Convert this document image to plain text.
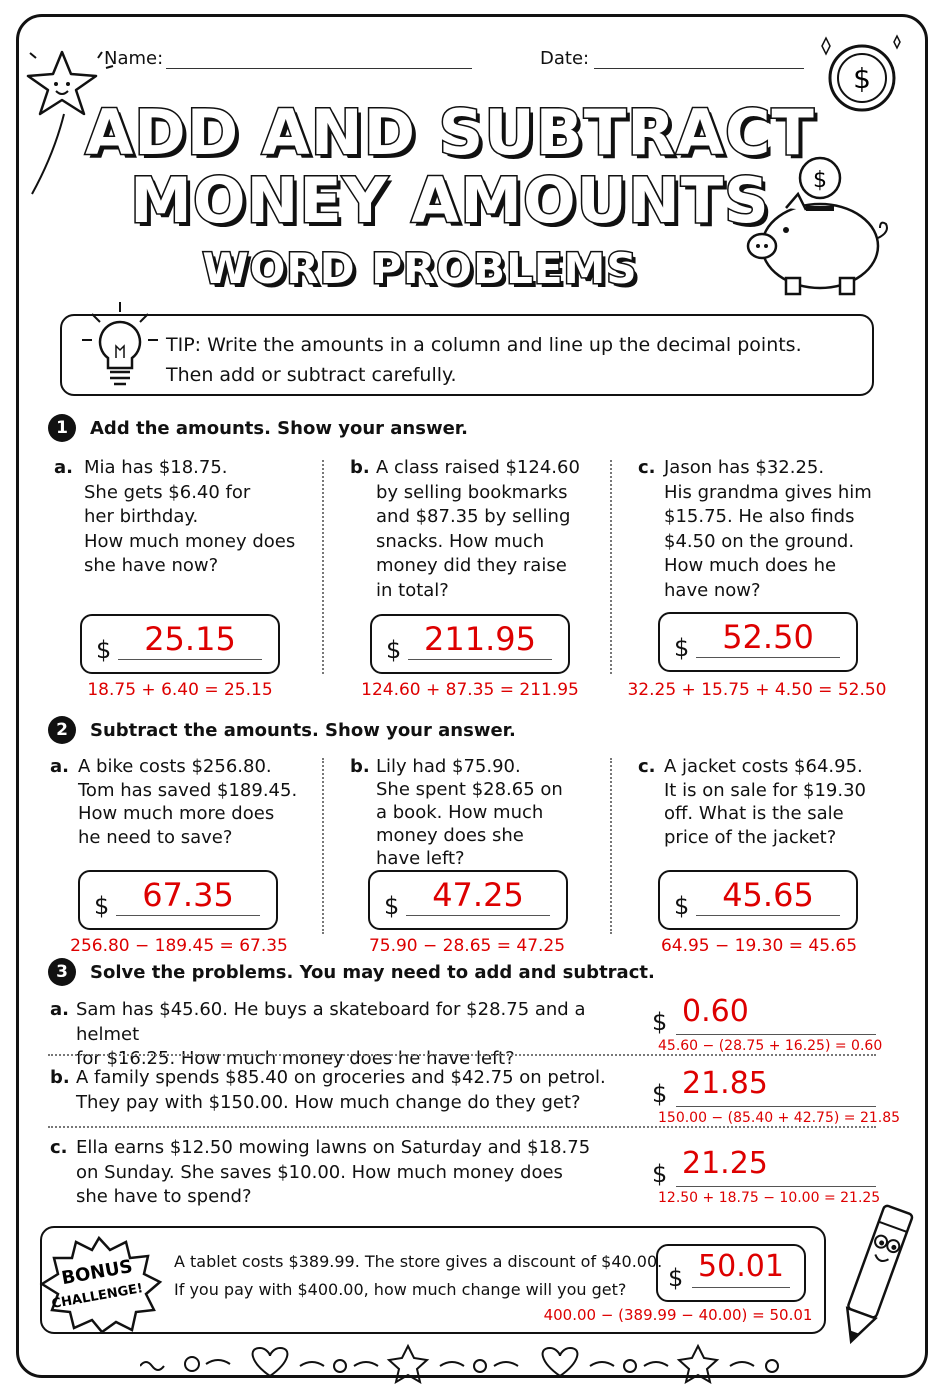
Name:	Date:
$
$
ADD AND SUBTRACT
MONEY AMOUNTS
WORD PROBLEMS
TIP: Write the amounts in a column and line up the decimal points.
Then add or subtract carefully.
1	Add the amounts. Show your answer.
a. Mia has $18.75.
She gets $6.40 for
her birthday.
How much money does
she have now?
b. A class raised $124.60
by selling bookmarks
and $87.35 by selling
snacks. How much
money did they raise
in total?
c. Jason has $32.25.
His grandma gives him
$15.75. He also finds
$4.50 on the ground.
How much does he
have now?
$	25.15	$ 211.95	$	52.50
18.75 + 6.40 = 25.15	124.60 + 87.35 = 211.95	32.25 + 15.75 + 4.50 = 52.50
2	Subtract the amounts. Show your answer.
a. A bike costs $256.80.
Tom has saved $189.45.
How much more does
he need to save?
b. Lily had $75.90.
She spent $28.65 on
a book. How much
money does she
have left?
c. A jacket costs $64.95.
It is on sale for $19.30
off. What is the sale
price of the jacket?
$	67.35	$	47.25	$	45.65
256.80 − 189.45 = 67.35	75.90 − 28.65 = 47.25	64.95 − 19.30 = 45.65
3	Solve the problems. You may need to add and subtract.
a. Sam has $45.60. He buys a skateboard for $28.75 and a helmet
for $16.25. How much money does he have left?
$ 0.60
45.60 − (28.75 + 16.25) = 0.60
b. A family spends $85.40 on groceries and $42.75 on petrol.
They pay with $150.00. How much change do they get?	$ 21.85
150.00 − (85.40 + 42.75) = 21.85
c. Ella earns $12.50 mowing lawns on Saturday and $18.75
on Sunday. She saves $10.00. How much money does
she have to spend?
$ 21.25
12.50 + 18.75 − 10.00 = 21.25
BONUS
CHALLENGE!
A tablet costs $389.99. The store gives a discount of $40.00.
If you pay with $400.00, how much change will you get? $ 50.01
400.00 − (389.99 − 40.00) = 50.01
